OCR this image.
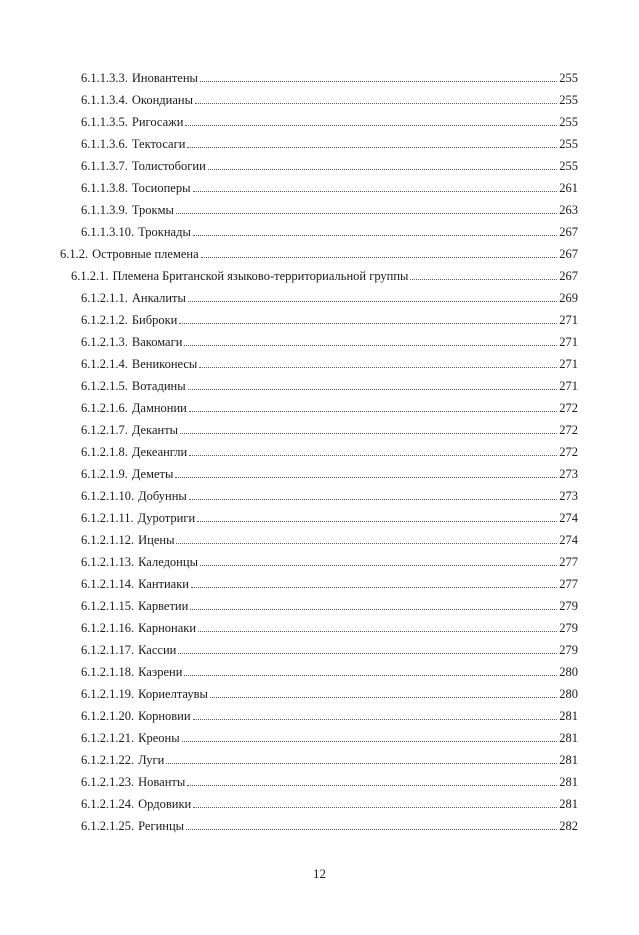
6.1.1.3.3. Иновантены	255
6.1.1.3.4. Окондианы	255
6.1.1.3.5. Ригосажи	255
6.1.1.3.6. Тектосаги	255
6.1.1.3.7. Толистобогии	255
6.1.1.3.8. Тосиоперы	261
6.1.1.3.9. Трокмы	263
6.1.1.3.10. Трокнады	267
6.1.2. Островные племена	267
6.1.2.1. Племена Британской языково-территориальной группы	267
6.1.2.1.1. Анкалиты	269
6.1.2.1.2. Биброки	271
6.1.2.1.3. Вакомаги	271
6.1.2.1.4. Вениконесы	271
6.1.2.1.5. Вотадины	271
6.1.2.1.6. Дамнонии	272
6.1.2.1.7. Деканты	272
6.1.2.1.8. Декеангли	272
6.1.2.1.9. Деметы	273
6.1.2.1.10. Добунны	273
6.1.2.1.11. Дуротриги	274
6.1.2.1.12. Ицены	274
6.1.2.1.13. Каледонцы	277
6.1.2.1.14. Кантиаки	277
6.1.2.1.15. Карветии	279
6.1.2.1.16. Карнонаки	279
6.1.2.1.17. Кассии	279
6.1.2.1.18. Каэрени	280
6.1.2.1.19. Кориелтаувы	280
6.1.2.1.20. Корновии	281
6.1.2.1.21. Креоны	281
6.1.2.1.22. Луги	281
6.1.2.1.23. Нованты	281
6.1.2.1.24. Ордовики	281
6.1.2.1.25. Регинцы	282
12
